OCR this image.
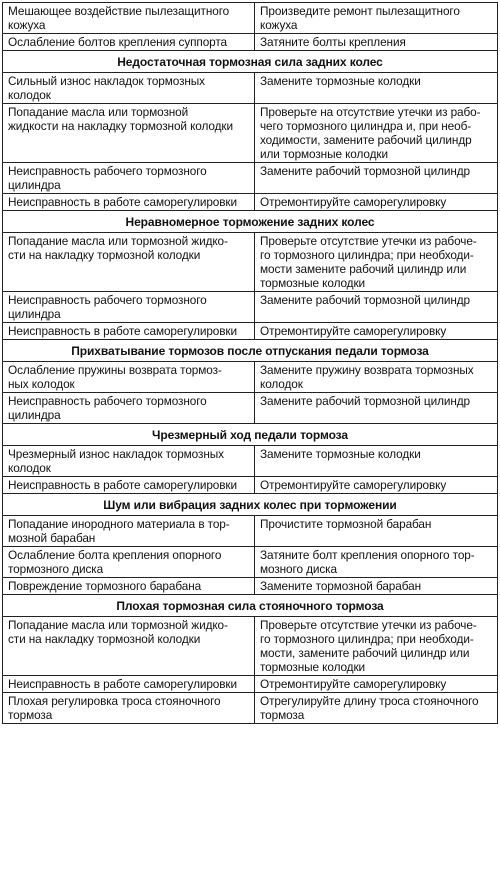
Мешающее воздействие пылезащитного
кожуха	Произведите ремонт пылезащитного
кожуха

Ослабление болтов крепления суппорта	Затяните болты крепления

Недостаточная тормозная сила задних колес	

Сильный износ накладок тормозных
колодок	Замените тормозные колодки

Попадание масла или тормозной
жидкости на накладку тормозной колодки	Проверьте на отсутствие утечки из рабо-
чего тормозного цилиндра и, при необ-
ходимости, замените рабочий цилиндр
или тормозные колодки

Неисправность рабочего тормозного
цилиндра	Замените рабочий тормозной цилиндр

Неисправность в работе саморегулировки	Отремонтируйте саморегулировку

Неравномерное торможение задних колес	

Попадание масла или тормозной жидко-
сти на накладку тормозной колодки	Проверьте отсутствие утечки из рабоче-
го тормозного цилиндра; при необходи-
мости замените рабочий цилиндр или
тормозные колодки

Неисправность рабочего тормозного
цилиндра	Замените рабочий тормозной цилиндр

Неисправность в работе саморегулировки	Отремонтируйте саморегулировку

Прихватывание тормозов после отпускания педали тормоза	

Ослабление пружины возврата тормоз-
ных колодок	Замените пружину возврата тормозных
колодок

Неисправность рабочего тормозного
цилиндра	Замените рабочий тормозной цилиндр

Чрезмерный ход педали тормоза	

Чрезмерный износ накладок тормозных
колодок	Замените тормозные колодки

Неисправность в работе саморегулировки	Отремонтируйте саморегулировку

Шум или вибрация задних колес при торможении	

Попадание инородного материала в тор-
мозной барабан	Прочистите тормозной барабан

Ослабление болта крепления опорного
тормозного диска	Затяните болт крепления опорного тор-
мозного диска

Повреждение тормозного барабана	Замените тормозной барабан

Плохая тормозная сила стояночного тормоза	

Попадание масла или тормозной жидко-
сти на накладку тормозной колодки	Проверьте отсутствие утечки из рабоче-
го тормозного цилиндра; при необходи-
мости, замените рабочий цилиндр или
тормозные колодки

Неисправность в работе саморегулировки	Отремонтируйте саморегулировку

Плохая регулировка троса стояночного
тормоза	Отрегулируйте длину троса стояночного
тормоза
